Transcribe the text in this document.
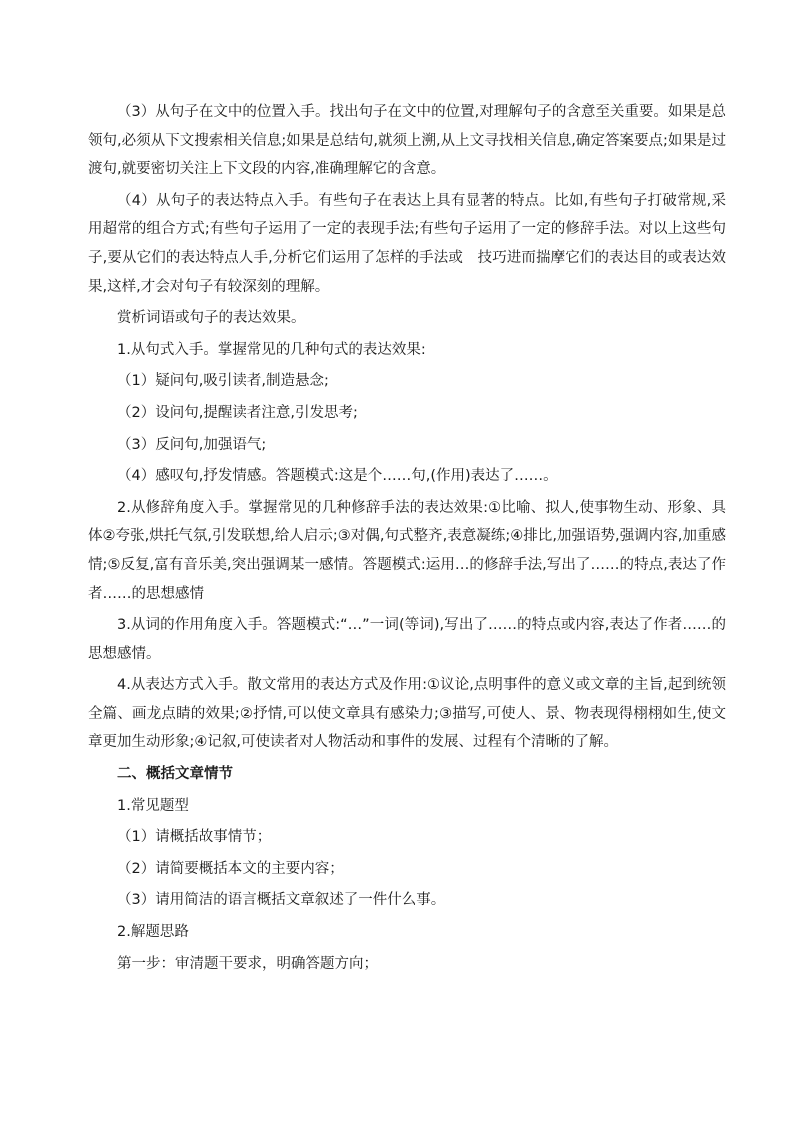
（3）从句子在文中的位置入手。找出句子在文中的位置,对理解句子的含意至关重要。如果是总领句,必须从下文搜索相关信息;如果是总结句,就须上溯,从上文寻找相关信息,确定答案要点;如果是过渡句,就要密切关注上下文段的内容,准确理解它的含意。

（4）从句子的表达特点入手。有些句子在表达上具有显著的特点。比如,有些句子打破常规,采用超常的组合方式;有些句子运用了一定的表现手法;有些句子运用了一定的修辞手法。对以上这些句子,要从它们的表达特点人手,分析它们运用了怎样的手法或　技巧进而揣摩它们的表达目的或表达效果,这样,才会对句子有较深刻的理解。

赏析词语或句子的表达效果。

1.从句式入手。掌握常见的几种句式的表达效果:

（1）疑问句,吸引读者,制造悬念;

（2）设问句,提醒读者注意,引发思考;

（3）反问句,加强语气;

（4）感叹句,抒发情感。答题模式:这是个……句,(作用)表达了……。

2.从修辞角度入手。掌握常见的几种修辞手法的表达效果:①比喻、拟人,使事物生动、形象、具体②夸张,烘托气氛,引发联想,给人启示;③对偶,句式整齐,表意凝练;④排比,加强语势,强调内容,加重感情;⑤反复,富有音乐美,突出强调某一感情。答题模式:运用…的修辞手法,写出了……的特点,表达了作者……的思想感情

3.从词的作用角度入手。答题模式:“…”一词(等词),写出了……的特点或内容,表达了作者……的思想感情。

4.从表达方式入手。散文常用的表达方式及作用:①议论,点明事件的意义或文章的主旨,起到统领全篇、画龙点睛的效果;②抒情,可以使文章具有感染力;③描写,可使人、景、物表现得栩栩如生,使文章更加生动形象;④记叙,可使读者对人物活动和事件的发展、过程有个清晰的了解。

二、概括文章情节

1.常见题型

（1）请概括故事情节；

（2）请简要概括本文的主要内容；

（3）请用简洁的语言概括文章叙述了一件什么事。

2.解题思路

第一步：审清题干要求，明确答题方向；
